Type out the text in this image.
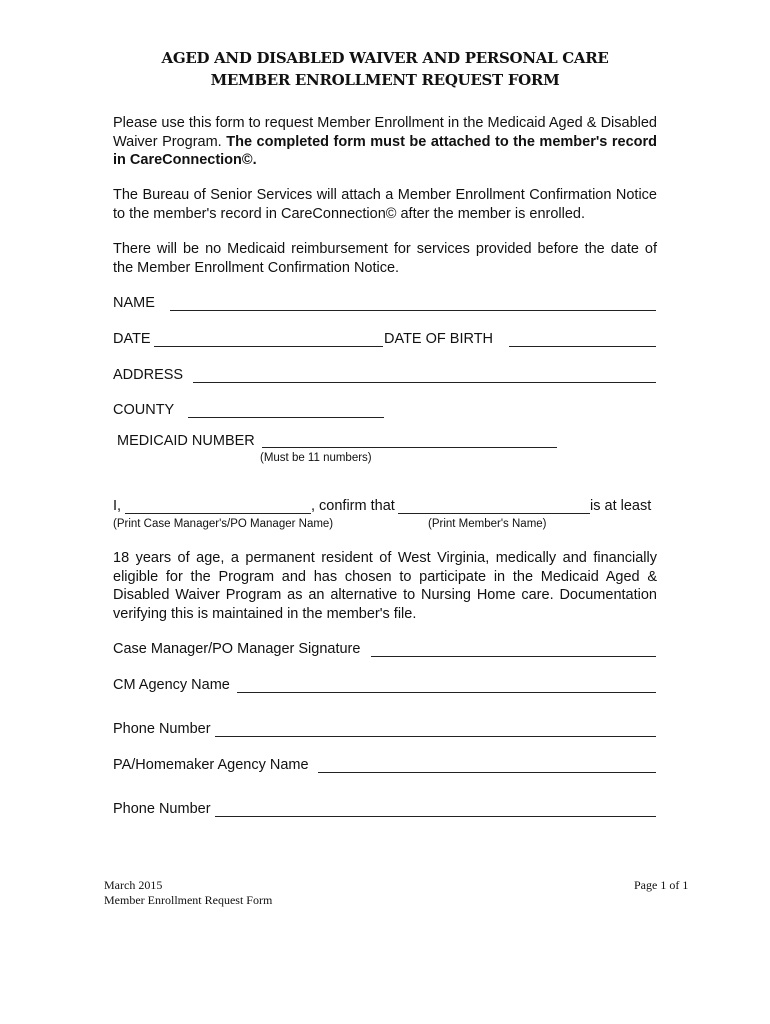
AGED AND DISABLED WAIVER AND PERSONAL CARE
MEMBER ENROLLMENT REQUEST FORM
Please use this form to request Member Enrollment in the Medicaid Aged & Disabled Waiver Program. The completed form must be attached to the member's record in CareConnection©.
The Bureau of Senior Services will attach a Member Enrollment Confirmation Notice to the member's record in CareConnection© after the member is enrolled.
There will be no Medicaid reimbursement for services provided before the date of the Member Enrollment Confirmation Notice.
NAME
DATE	DATE OF BIRTH
ADDRESS
COUNTY
MEDICAID NUMBER
(Must be 11 numbers)
I,	, confirm that	is at least
(Print Case Manager's/PO Manager Name)	(Print Member's Name)
18 years of age, a permanent resident of West Virginia, medically and financially eligible for the Program and has chosen to participate in the Medicaid Aged & Disabled Waiver Program as an alternative to Nursing Home care. Documentation verifying this is maintained in the member's file.
Case Manager/PO Manager Signature
CM Agency Name
Phone Number
PA/Homemaker Agency Name
Phone Number
March 2015
Member Enrollment Request Form
Page 1 of 1
